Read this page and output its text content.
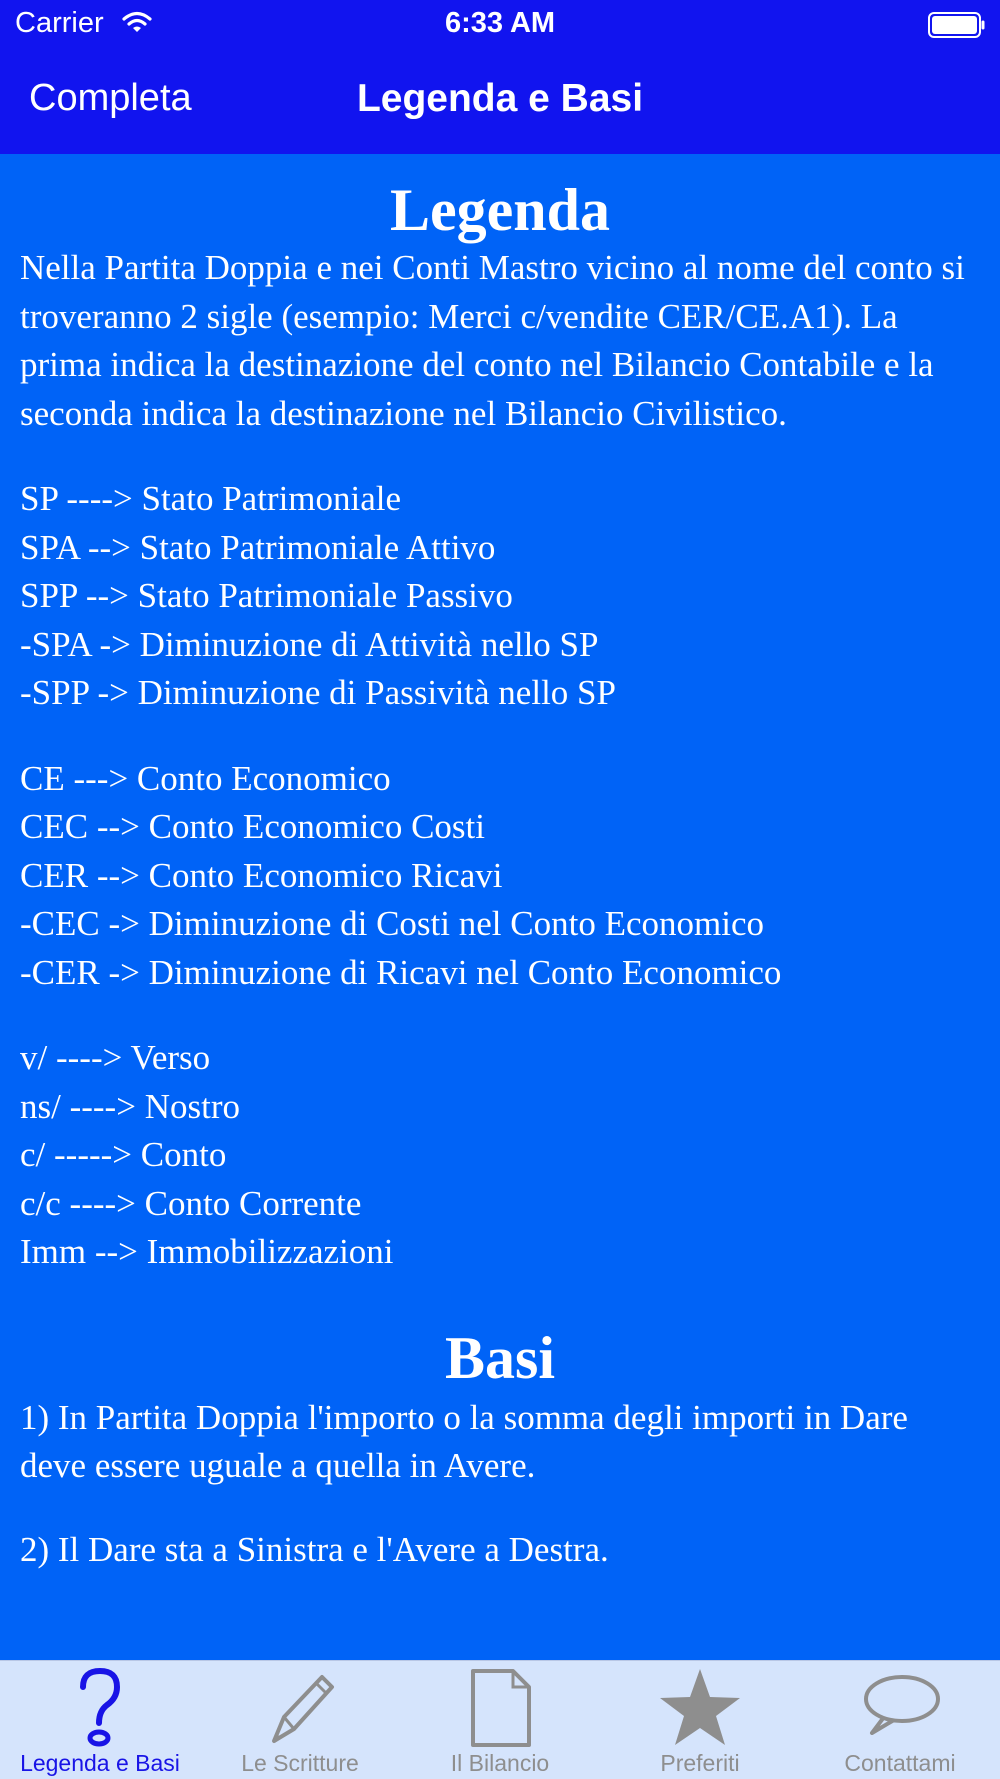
Carrier	6:33 AM
Completa	Legenda e Basi
Legenda

Nella Partita Doppia e nei Conti Mastro vicino al nome del conto si troveranno 2 sigle (esempio: Merci c/vendite CER/CE.A1). La prima indica la destinazione del conto nel Bilancio Contabile e la seconda indica la destinazione nel Bilancio Civilistico.

SP ----> Stato Patrimoniale
SPA --> Stato Patrimoniale Attivo
SPP --> Stato Patrimoniale Passivo
-SPA -> Diminuzione di Attività nello SP
-SPP -> Diminuzione di Passività nello SP
CE ---> Conto Economico
CEC --> Conto Economico Costi
CER --> Conto Economico Ricavi
-CEC -> Diminuzione di Costi nel Conto Economico
-CER -> Diminuzione di Ricavi nel Conto Economico
v/ ----> Verso
ns/ ----> Nostro
c/ -----> Conto
c/c ----> Conto Corrente
Imm --> Immobilizzazioni
Basi

1) In Partita Doppia l'importo o la somma degli importi in Dare deve essere uguale a quella in Avere.

2) Il Dare sta a Sinistra e l'Avere a Destra.

Legenda e Basi	Le Scritture	Il Bilancio	Preferiti	Contattami
